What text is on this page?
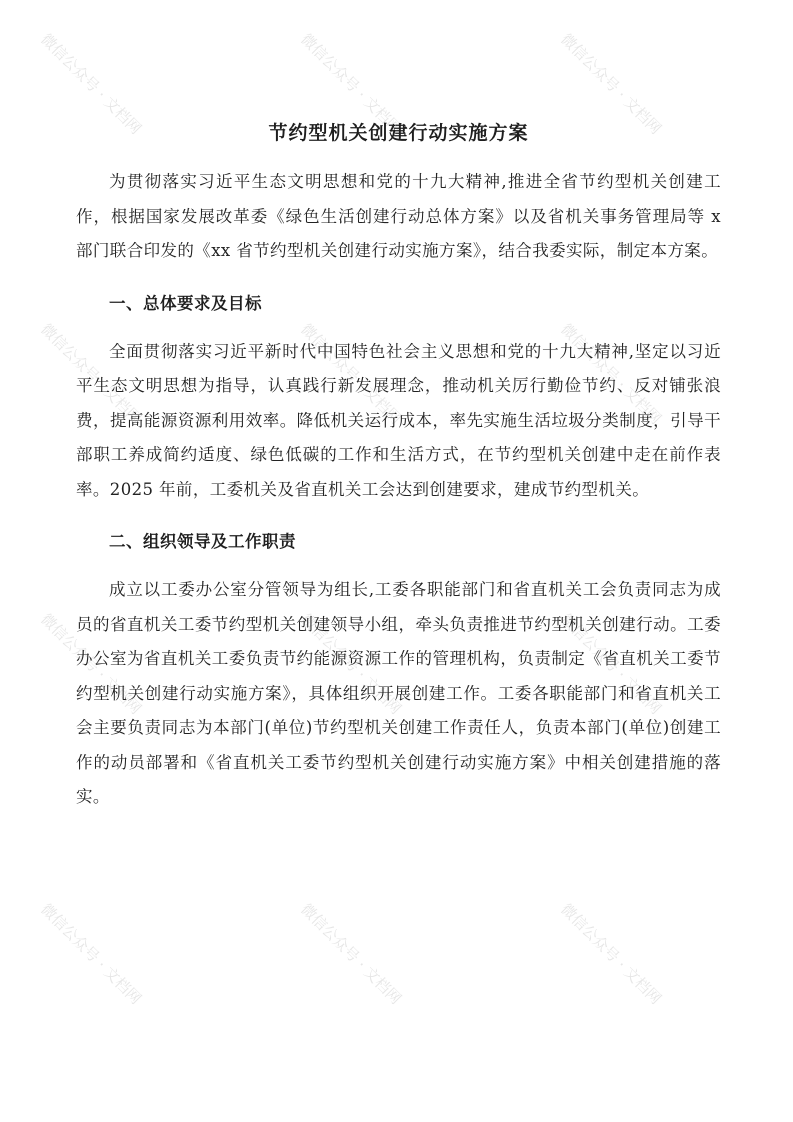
微信公众号 · 文档网	微信公众号 · 文档网	微信公众号 · 文档网
微信公众号 · 文档网	微信公众号 · 文档网	微信公众号 · 文档网
微信公众号 · 文档网	微信公众号 · 文档网	微信公众号 · 文档网
微信公众号 · 文档网	微信公众号 · 文档网	微信公众号 · 文档网
节约型机关创建行动实施方案

为贯彻落实习近平生态文明思想和党的十九大精神,推进全省节约型机关创建工作，根据国家发展改革委《绿色生活创建行动总体方案》以及省机关事务管理局等 x 部门联合印发的《xx 省节约型机关创建行动实施方案》，结合我委实际，制定本方案。

一、总体要求及目标

全面贯彻落实习近平新时代中国特色社会主义思想和党的十九大精神,坚定以习近平生态文明思想为指导，认真践行新发展理念，推动机关厉行勤俭节约、反对铺张浪费，提高能源资源利用效率。降低机关运行成本，率先实施生活垃圾分类制度，引导干部职工养成简约适度、绿色低碳的工作和生活方式，在节约型机关创建中走在前作表率。2025 年前，工委机关及省直机关工会达到创建要求，建成节约型机关。

二、组织领导及工作职责

成立以工委办公室分管领导为组长,工委各职能部门和省直机关工会负责同志为成员的省直机关工委节约型机关创建领导小组，牵头负责推进节约型机关创建行动。工委办公室为省直机关工委负责节约能源资源工作的管理机构，负责制定《省直机关工委节约型机关创建行动实施方案》，具体组织开展创建工作。工委各职能部门和省直机关工会主要负责同志为本部门(单位)节约型机关创建工作责任人，负责本部门(单位)创建工作的动员部署和《省直机关工委节约型机关创建行动实施方案》中相关创建措施的落实。
